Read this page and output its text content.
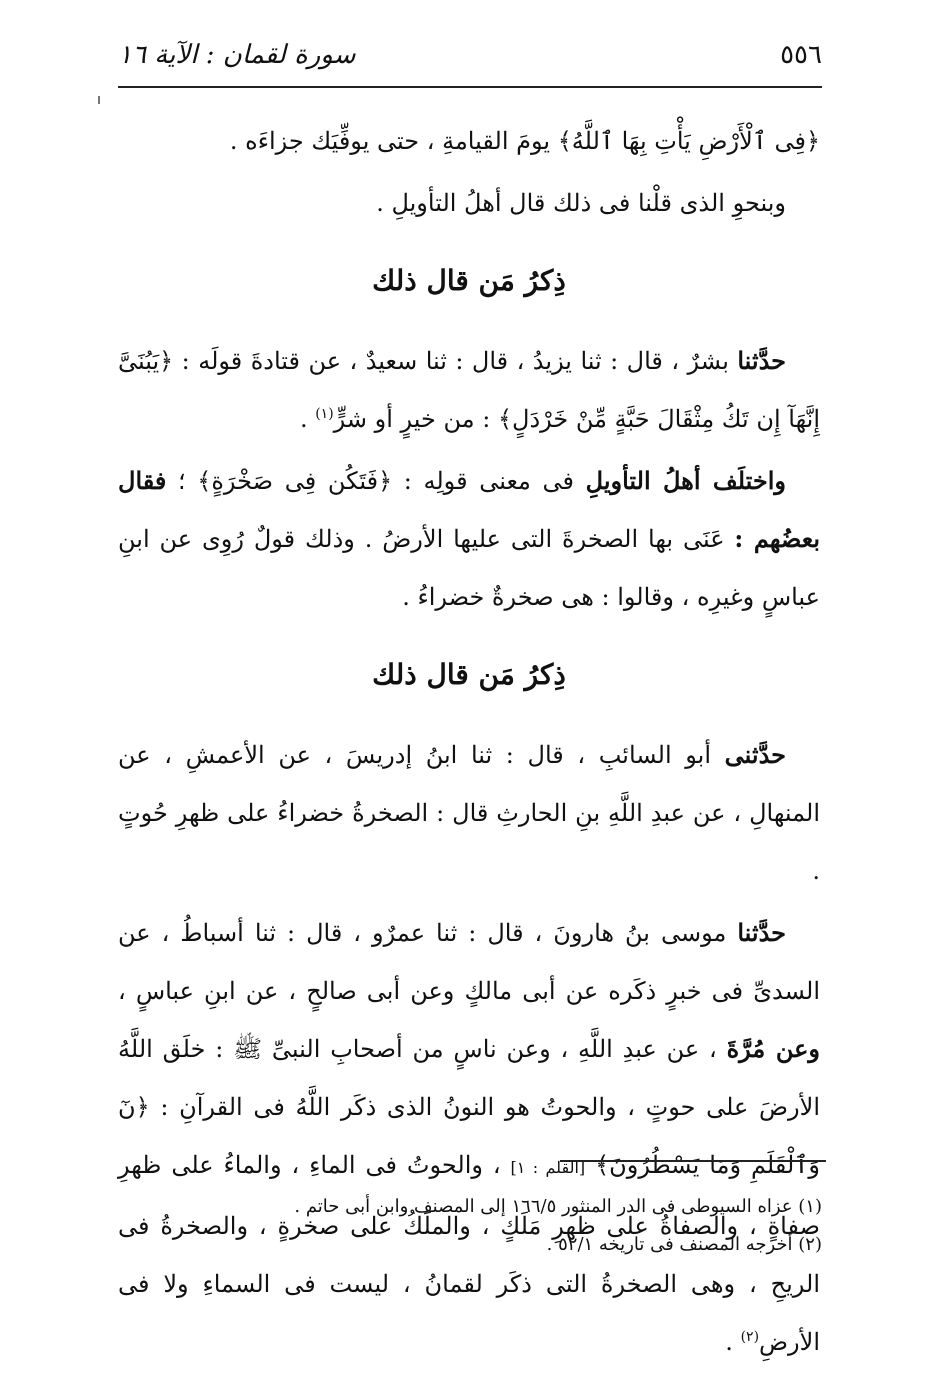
٥٥٦
سورة لقمان : الآية ١٦

﴿فِى ٱلْأَرْضِ يَأْتِ بِهَا ٱللَّهُ﴾ يومَ القيامةِ ، حتى يوفِّيَك جزاءَه .

وبنحوِ الذى قلْنا فى ذلك قال أهلُ التأويلِ .

ذِكرُ مَن قال ذلك

حدَّثنا بشرٌ ، قال : ثنا يزيدُ ، قال : ثنا سعيدٌ ، عن قتادةَ قولَه : ﴿يَبُنَىَّ إِنَّهَآ إِن تَكُ مِثْقَالَ حَبَّةٍ مِّنْ خَرْدَلٍ﴾ : من خيرٍ أو شرٍّ$^{(١)}$ .

واختلَف أهلُ التأويلِ فى معنى قولِه : ﴿فَتَكُن فِى صَخْرَةٍ﴾ ؛ فقال بعضُهم : عَنَى بها الصخرةَ التى عليها الأرضُ . وذلك قولٌ رُوِى عن ابنِ عباسٍ وغيرِه ، وقالوا : هى صخرةٌ خضراءُ .

ذِكرُ مَن قال ذلك

حدَّثنى أبو السائبِ ، قال : ثنا ابنُ إدريسَ ، عن الأعمشِ ، عن المنهالِ ، عن عبدِ اللَّهِ بنِ الحارثِ قال : الصخرةُ خضراءُ على ظهرِ حُوتٍ .

حدَّثنا موسى بنُ هارونَ ، قال : ثنا عمرٌو ، قال : ثنا أسباطُ ، عن السدىِّ فى خبرٍ ذكَره عن أبى مالكٍ وعن أبى صالحٍ ، عن ابنِ عباسٍ ، وعن مُرَّةَ ، عن عبدِ اللَّهِ ، وعن ناسٍ من أصحابِ النبىِّ ﷺ : خلَق اللَّهُ الأرضَ على حوتٍ ، والحوتُ هو النونُ الذى ذكَر اللَّهُ فى القرآنِ : ﴿نٓ وَٱلْقَلَمِ وَمَا يَسْطُرُونَ﴾ [القلم : ١] ، والحوتُ فى الماءِ ، والماءُ على ظهرِ صفاةٍ ، والصفاةُ على ظهرِ مَلَكٍ ، والملَكُ على صخرةٍ ، والصخرةُ فى الريحِ ، وهى الصخرةُ التى ذكَر لقمانُ ، ليست فى السماءِ ولا فى الأرضِ$^{(٢)}$ .

(١) عزاه السيوطى فى الدر المنثور ١٦٦/٥ إلى المصنف وابن أبى حاتم .

(٢) أخرجه المصنف فى تاريخه ٥٢/١ .
